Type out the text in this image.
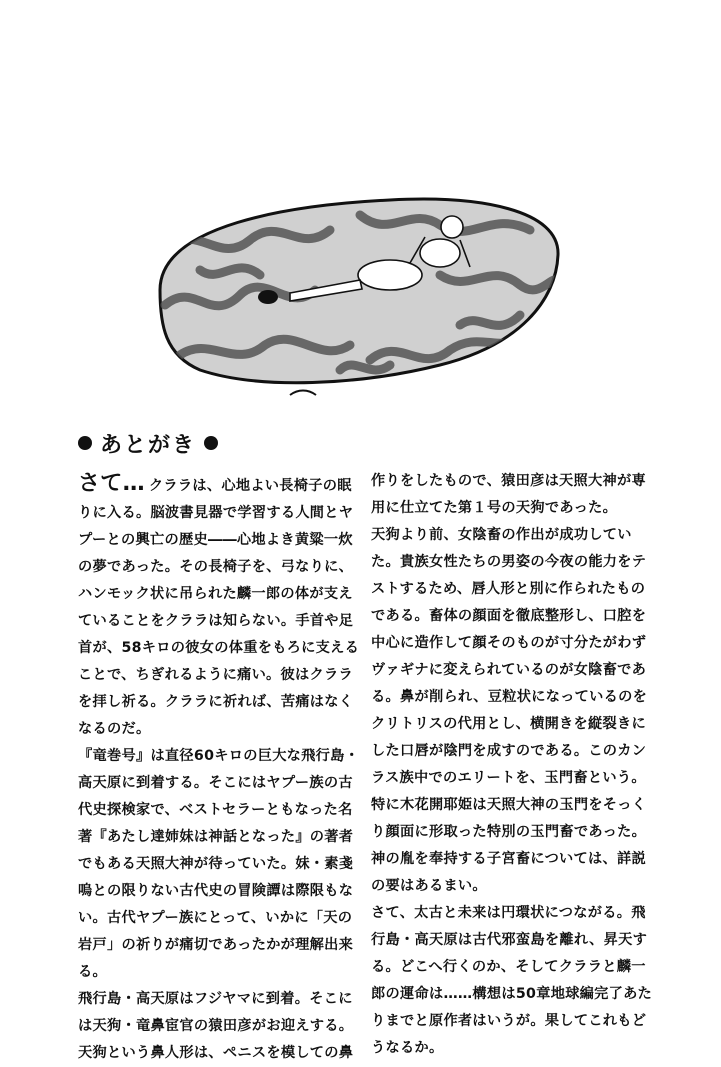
あとがき

さて… クララは、心地よい長椅子の眠りに入る。脳波書見器で学習する人間とヤプーとの興亡の歴史――心地よき黄粱一炊の夢であった。その長椅子を、弓なりに、ハンモック状に吊られた麟一郎の体が支えていることをクララは知らない。手首や足首が、58キロの彼女の体重をもろに支えることで、ちぎれるように痛い。彼はクララを拝し祈る。クララに祈れば、苦痛はなくなるのだ。

『竜巻号』は直径60キロの巨大な飛行島・高天原に到着する。そこにはヤプー族の古代史探検家で、ベストセラーともなった名著『あたし達姉妹は神話となった』の著者でもある天照大神が待っていた。妹・素戔嗚との限りない古代史の冒険譚は際限もない。古代ヤプー族にとって、いかに「天の岩戸」の祈りが痛切であったかが理解出来る。

飛行島・高天原はフジヤマに到着。そこには天狗・竜鼻宦官の猿田彦がお迎えする。天狗という鼻人形は、ペニスを模しての鼻

作りをしたもので、猿田彦は天照大神が専用に仕立てた第１号の天狗であった。

天狗より前、女陰畜の作出が成功していた。貴族女性たちの男姿の今夜の能力をテストするため、唇人形と別に作られたものである。畜体の顔面を徹底整形し、口腔を中心に造作して顔そのものが寸分たがわずヴァギナに変えられているのが女陰畜である。鼻が削られ、豆粒状になっているのをクリトリスの代用とし、横開きを縦裂きにした口唇が陰門を成すのである。このカンラス族中でのエリートを、玉門畜という。特に木花開耶姫は天照大神の玉門をそっくり顔面に形取った特別の玉門畜であった。神の胤を奉持する子宮畜については、詳説の要はあるまい。

さて、太古と未来は円環状につながる。飛行島・高天原は古代邪蛮島を離れ、昇天する。どこへ行くのか、そしてクララと麟一郎の運命は……構想は50章地球編完了あたりまでと原作者はいうが。果してこれもどうなるか。
